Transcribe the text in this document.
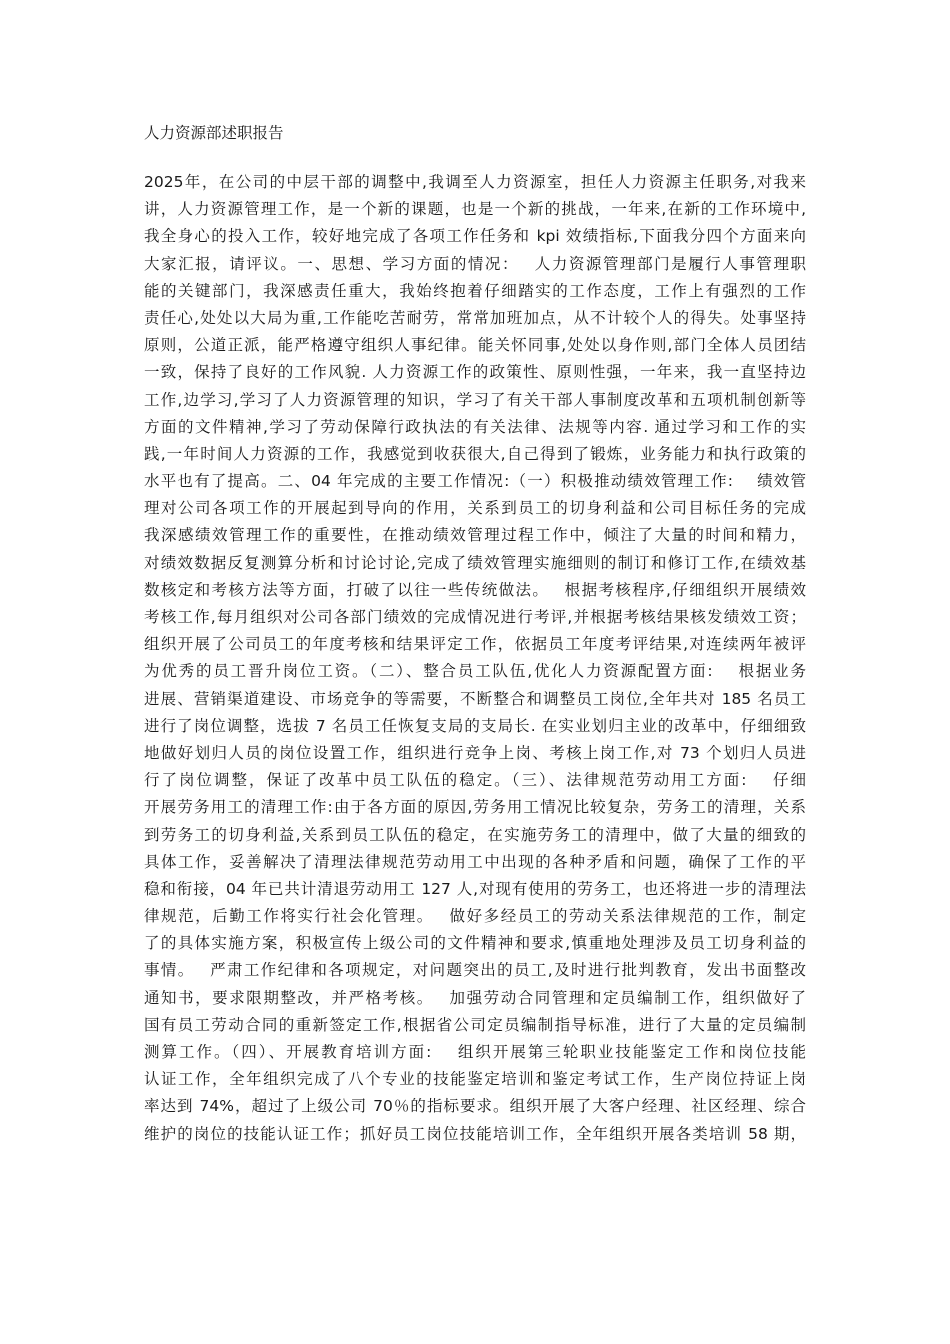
人力资源部述职报告
2025年，在公司的中层干部的调整中,我调至人力资源室，担任人力资源主任职务,对我来
讲，人力资源管理工作，是一个新的课题，也是一个新的挑战，一年来,在新的工作环境中,
我全身心的投入工作，较好地完成了各项工作任务和 kpi 效绩指标,下面我分四个方面来向
大家汇报，请评议。一、思想、学习方面的情况：　 人力资源管理部门是履行人事管理职
能的关键部门，我深感责任重大，我始终抱着仔细踏实的工作态度，工作上有强烈的工作
责任心,处处以大局为重,工作能吃苦耐劳，常常加班加点，从不计较个人的得失。处事坚持
原则，公道正派，能严格遵守组织人事纪律。能关怀同事,处处以身作则,部门全体人员团结
一致，保持了良好的工作风貌. 人力资源工作的政策性、原则性强，一年来，我一直坚持边
工作,边学习,学习了人力资源管理的知识，学习了有关干部人事制度改革和五项机制创新等
方面的文件精神,学习了劳动保障行政执法的有关法律、法规等内容. 通过学习和工作的实
践,一年时间人力资源的工作，我感觉到收获很大,自己得到了锻炼，业务能力和执行政策的
水平也有了提高。二、04 年完成的主要工作情况:（一）积极推动绩效管理工作:　 绩效管
理对公司各项工作的开展起到导向的作用，关系到员工的切身利益和公司目标任务的完成
我深感绩效管理工作的重要性，在推动绩效管理过程工作中，倾注了大量的时间和精力，
对绩效数据反复测算分析和讨论讨论,完成了绩效管理实施细则的制订和修订工作,在绩效基
数核定和考核方法等方面，打破了以往一些传统做法。　 根据考核程序,仔细组织开展绩效
考核工作,每月组织对公司各部门绩效的完成情况进行考评,并根据考核结果核发绩效工资；
组织开展了公司员工的年度考核和结果评定工作，依据员工年度考评结果,对连续两年被评
为优秀的员工晋升岗位工资。（二）、整合员工队伍,优化人力资源配置方面:　 根据业务
进展、营销渠道建设、市场竞争的等需要，不断整合和调整员工岗位,全年共对 185 名员工
进行了岗位调整，选拔 7 名员工任恢复支局的支局长. 在实业划归主业的改革中，仔细细致
地做好划归人员的岗位设置工作，组织进行竞争上岗、考核上岗工作,对 73 个划归人员进
行了岗位调整，保证了改革中员工队伍的稳定。（三）、法律规范劳动用工方面:　 仔细
开展劳务用工的清理工作:由于各方面的原因,劳务用工情况比较复杂，劳务工的清理，关系
到劳务工的切身利益,关系到员工队伍的稳定，在实施劳务工的清理中，做了大量的细致的
具体工作，妥善解决了清理法律规范劳动用工中出现的各种矛盾和问题，确保了工作的平
稳和衔接，04 年已共计清退劳动用工 127 人,对现有使用的劳务工，也还将进一步的清理法
律规范，后勤工作将实行社会化管理。　 做好多经员工的劳动关系法律规范的工作，制定
了的具体实施方案，积极宣传上级公司的文件精神和要求,慎重地处理涉及员工切身利益的
事情。　 严肃工作纪律和各项规定，对问题突出的员工,及时进行批判教育，发出书面整改
通知书，要求限期整改，并严格考核。　 加强劳动合同管理和定员编制工作，组织做好了
国有员工劳动合同的重新签定工作,根据省公司定员编制指导标准，进行了大量的定员编制
测算工作。（四）、开展教育培训方面:　 组织开展第三轮职业技能鉴定工作和岗位技能
认证工作，全年组织完成了八个专业的技能鉴定培训和鉴定考试工作，生产岗位持证上岗
率达到 74%，超过了上级公司 70％的指标要求。组织开展了大客户经理、社区经理、综合
维护的岗位的技能认证工作；抓好员工岗位技能培训工作，全年组织开展各类培训 58 期，
